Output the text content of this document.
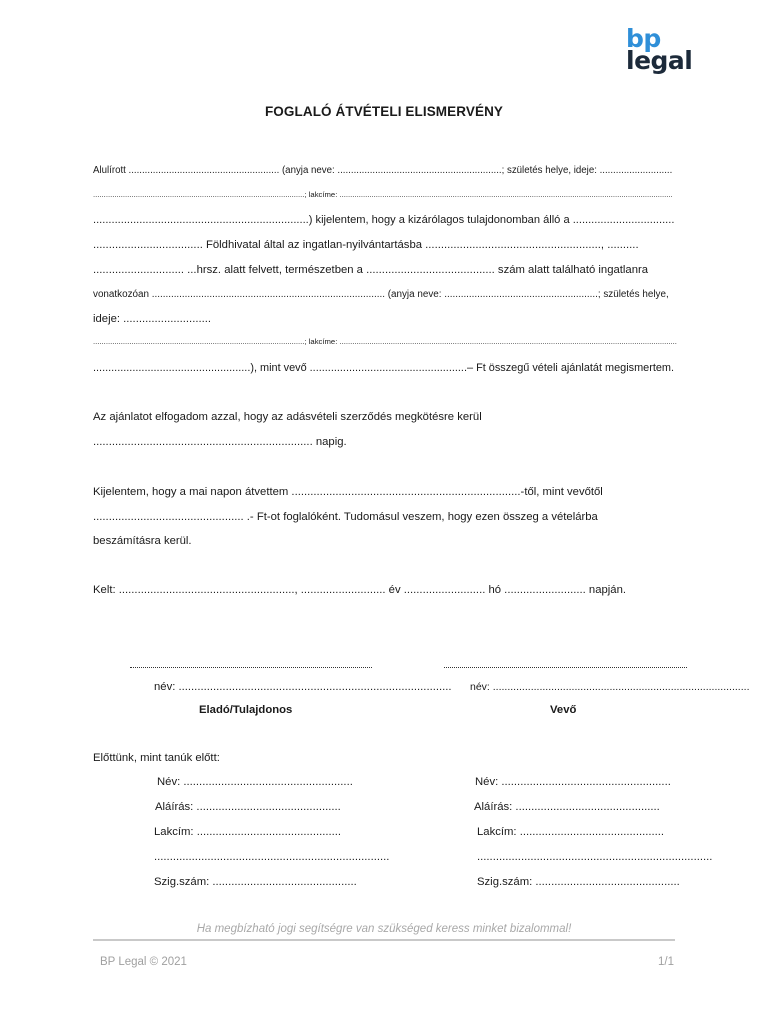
bp
legal
FOGLALÓ ÁTVÉTELI ELISMERVÉNY
Alulírott ........................................................ (anyja neve: .............................................................; születés helye, ideje: ...........................
...................................................................................................; lakcíme: ............................................................................................................................................................
......................................................................) kijelentem, hogy a kizárólagos tulajdonomban álló a .................................
................................... Földhivatal által az ingatlan-nyilvántartásba ........................................................, ..........
............................. ...hrsz. alatt felvett, természetben a ......................................... szám alatt található ingatlanra
vonatkozóan ..................................................................................... (anyja neve: ........................................................; születés helye,
ideje: ............................
...................................................................................................; lakcíme: ..............................................................................................................................................................
....................................................), mint vevő ....................................................– Ft összegű vételi ajánlatát megismertem.
Az ajánlatot elfogadom azzal, hogy az adásvételi szerződés megkötésre kerül
...................................................................... napig.
Kijelentem, hogy a mai napon átvettem .........................................................................-től, mint vevőtől
................................................ .- Ft-ot foglalóként. Tudomásul veszem, hogy ezen összeg a vételárba
beszámításra kerül.
Kelt: ........................................................, ........................... év .......................... hó .......................... napján.
név: ....................................................................................... név: ........................................................................................
Eladó/Tulajdonos	Vevő
Előttünk, mint tanúk előtt:
Név: ......................................................
Aláírás: ..............................................
Lakcím: ..............................................
...........................................................................
Szig.szám: ..............................................
Név: ......................................................
Aláírás: ..............................................
Lakcím: ..............................................
...........................................................................
Szig.szám: ..............................................
Ha megbízható jogi segítségre van szükséged keress minket bizalommal!
BP Legal © 2021	1/1
